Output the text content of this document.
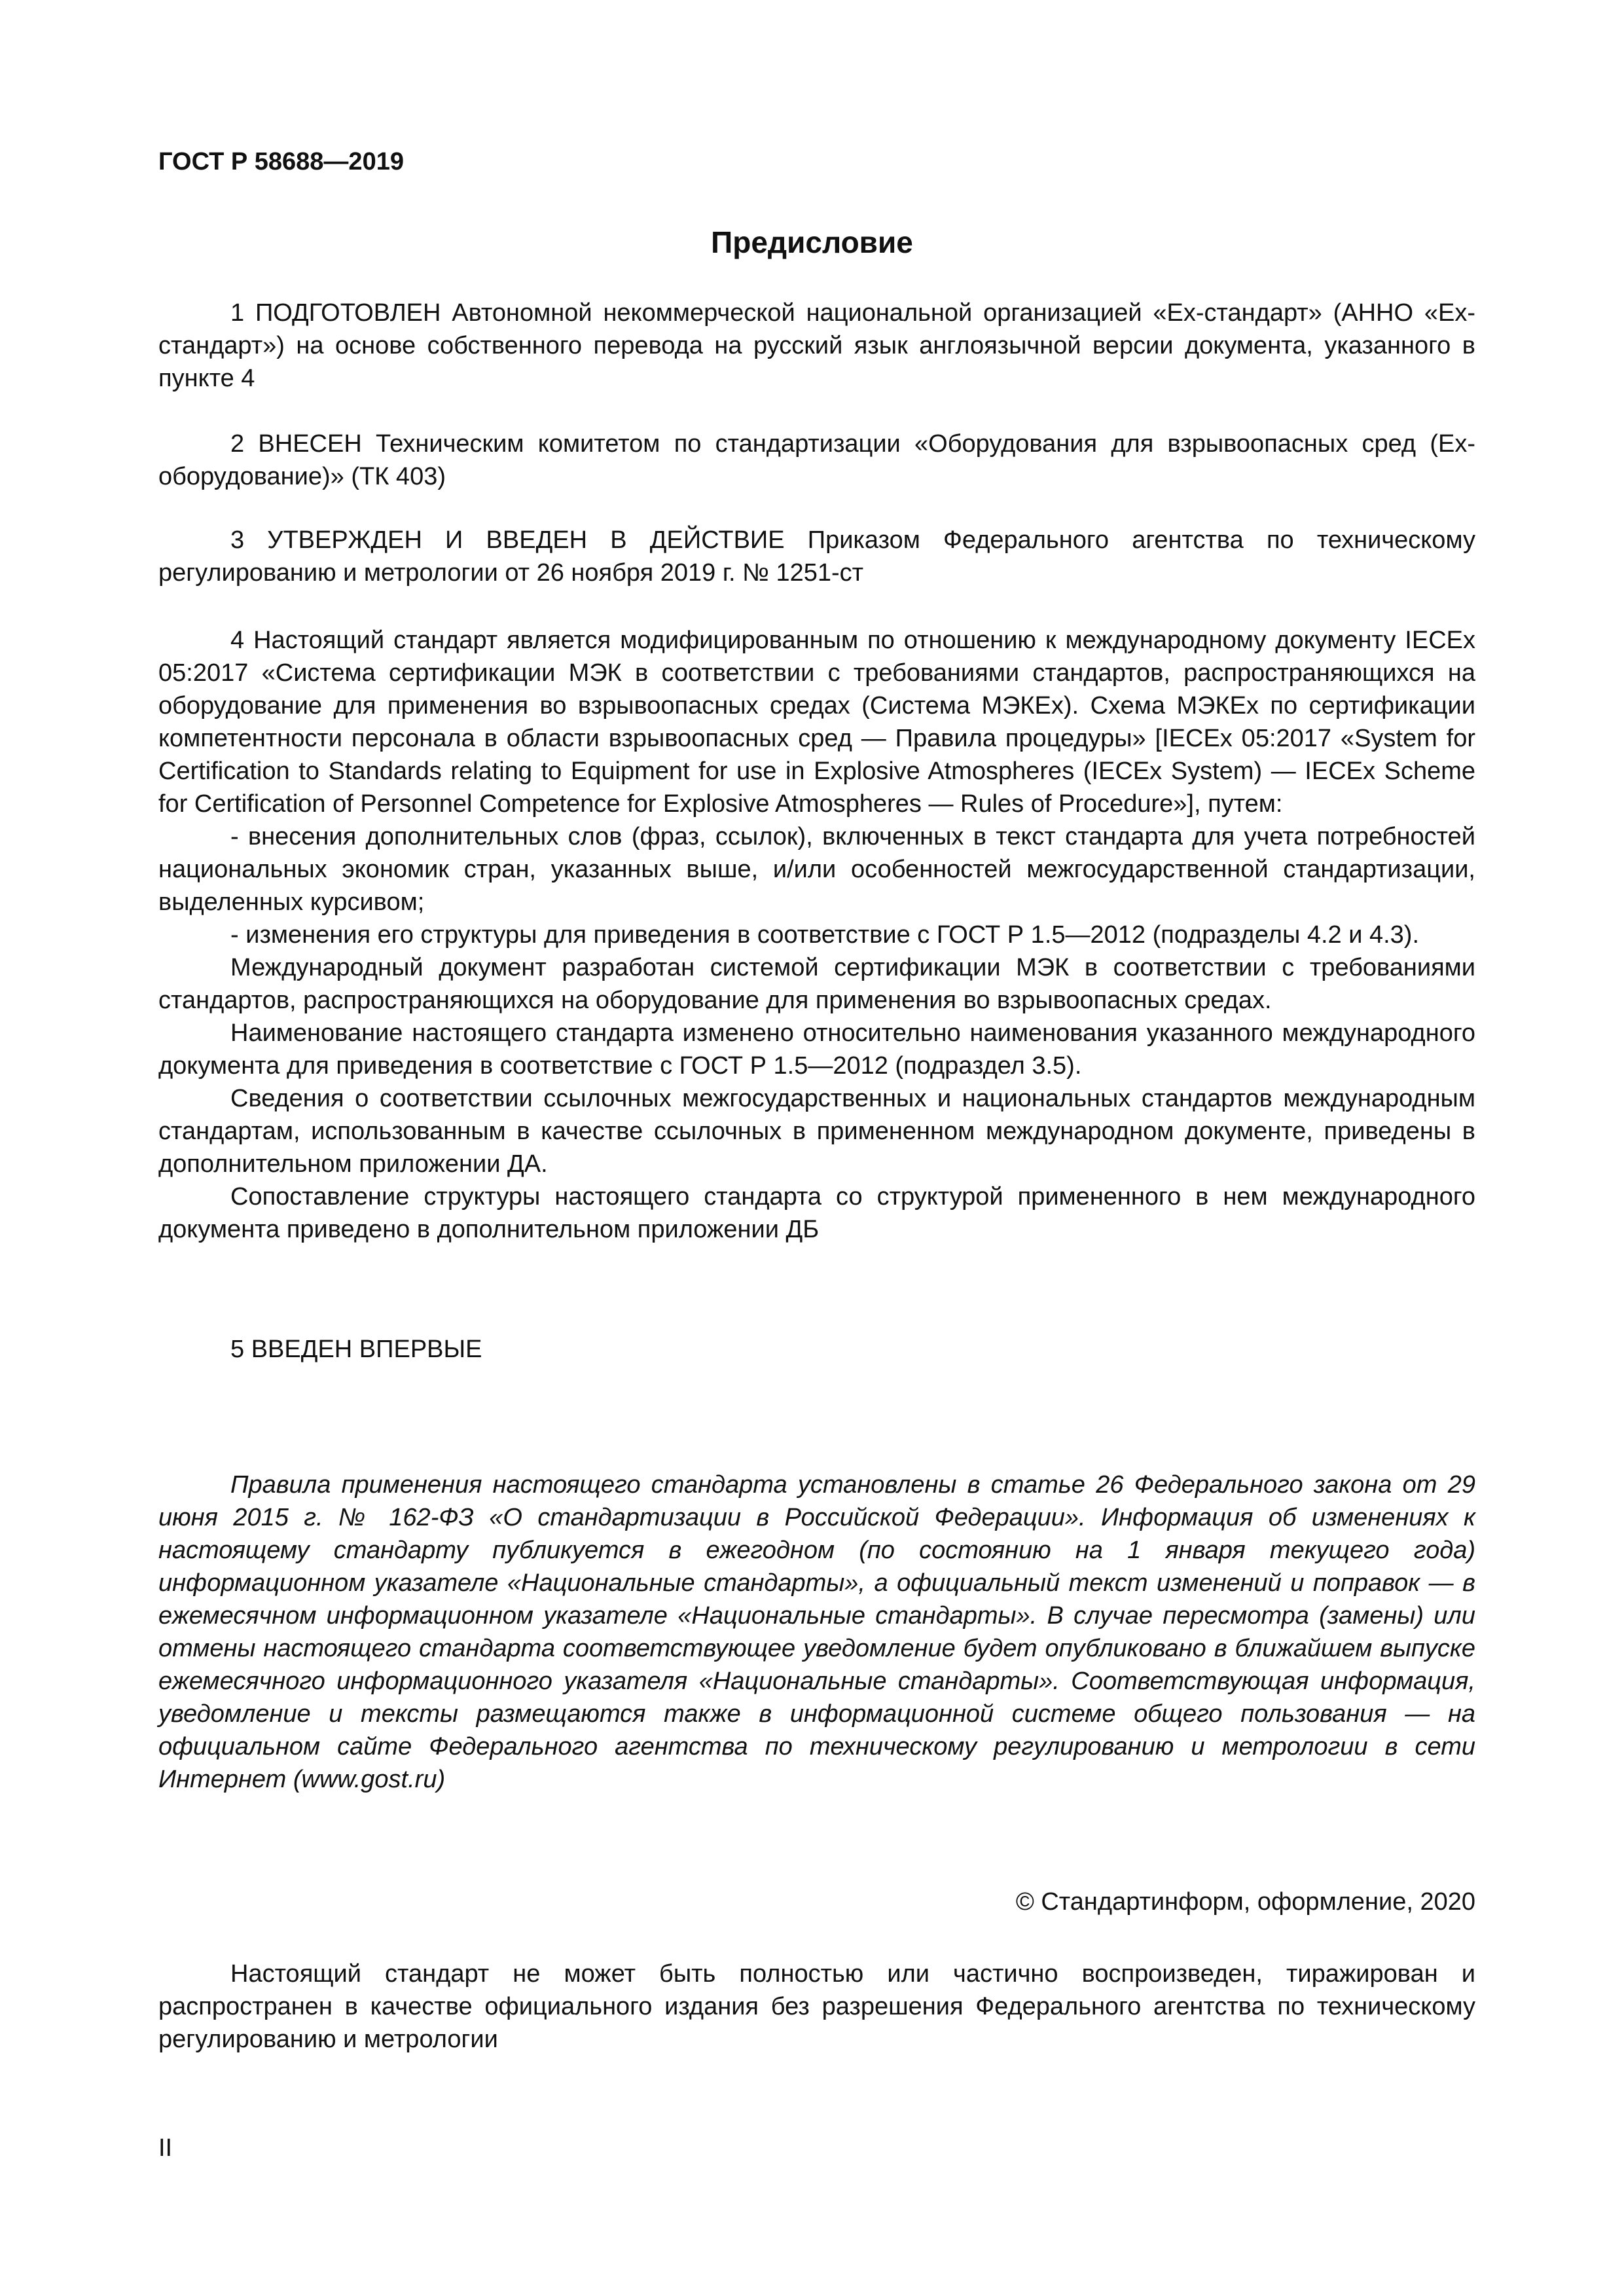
ГОСТ Р 58688—2019
Предисловие

1 ПОДГОТОВЛЕН Автономной некоммерческой национальной организацией «Ех-стандарт» (АННО «Ех-стандарт») на основе собственного перевода на русский язык англоязычной версии документа, указанного в пункте 4

2 ВНЕСЕН Техническим комитетом по стандартизации «Оборудования для взрывоопасных сред (Ех-оборудование)» (ТК 403)

3 УТВЕРЖДЕН И ВВЕДЕН В ДЕЙСТВИЕ Приказом Федерального агентства по техническому регулированию и метрологии от 26 ноября 2019 г. № 1251-ст

4 Настоящий стандарт является модифицированным по отношению к международному документу IECEx 05:2017 «Система сертификации МЭК в соответствии с требованиями стандартов, распространяющихся на оборудование для применения во взрывоопасных средах (Система МЭКЕх). Схема МЭКЕх по сертификации компетентности персонала в области взрывоопасных сред — Правила процедуры» [IECEx 05:2017 «System for Certification to Standards relating to Equipment for use in Explosive Atmospheres (IECEx System) — IECEx Scheme for Certification of Personnel Competence for Explosive Atmospheres — Rules of Procedure»], путем:

- внесения дополнительных слов (фраз, ссылок), включенных в текст стандарта для учета потребностей национальных экономик стран, указанных выше, и/или особенностей межгосударственной стандартизации, выделенных курсивом;

- изменения его структуры для приведения в соответствие с ГОСТ Р 1.5—2012 (подразделы 4.2 и 4.3).

Международный документ разработан системой сертификации МЭК в соответствии с требованиями стандартов, распространяющихся на оборудование для применения во взрывоопасных средах.

Наименование настоящего стандарта изменено относительно наименования указанного международного документа для приведения в соответствие с ГОСТ Р 1.5—2012 (подраздел 3.5).

Сведения о соответствии ссылочных межгосударственных и национальных стандартов международным стандартам, использованным в качестве ссылочных в примененном международном документе, приведены в дополнительном приложении ДА.

Сопоставление структуры настоящего стандарта со структурой примененного в нем международного документа приведено в дополнительном приложении ДБ

5 ВВЕДЕН ВПЕРВЫЕ

Правила применения настоящего стандарта установлены в статье 26 Федерального закона от 29 июня 2015 г. № 162-ФЗ «О стандартизации в Российской Федерации». Информация об изменениях к настоящему стандарту публикуется в ежегодном (по состоянию на 1 января текущего года) информационном указателе «Национальные стандарты», а официальный текст изменений и поправок — в ежемесячном информационном указателе «Национальные стандарты». В случае пересмотра (замены) или отмены настоящего стандарта соответствующее уведомление будет опубликовано в ближайшем выпуске ежемесячного информационного указателя «Национальные стандарты». Соответствующая информация, уведомление и тексты размещаются также в информационной системе общего пользования — на официальном сайте Федерального агентства по техническому регулированию и метрологии в сети Интернет (www.gost.ru)

© Стандартинформ, оформление, 2020

Настоящий стандарт не может быть полностью или частично воспроизведен, тиражирован и распространен в качестве официального издания без разрешения Федерального агентства по техническому регулированию и метрологии

II
